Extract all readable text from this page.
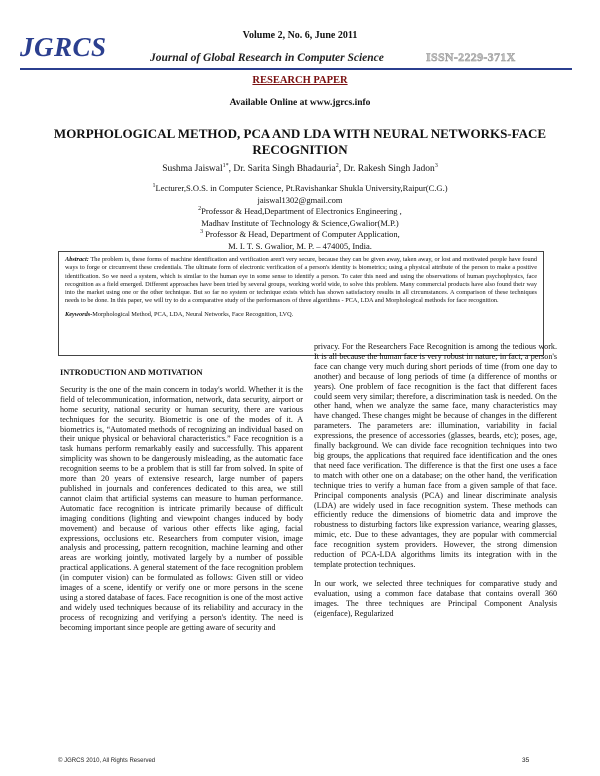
JGRCS	Volume 2, No. 6, June 2011
Journal of Global Research in Computer Science	ISSN-2229-371X
RESEARCH PAPER
Available Online at www.jgrcs.info
MORPHOLOGICAL METHOD, PCA AND LDA WITH NEURAL NETWORKS-FACE RECOGNITION
Sushma Jaiswal$^{1*}$, Dr. Sarita Singh Bhadauria$^2$, Dr. Rakesh Singh Jadon$^3$
$^1$Lecturer,S.O.S. in Computer Science, Pt.Ravishankar Shukla University,Raipur(C.G.)
jaiswal1302@gmail.com
$^2$Professor & Head,Department of Electronics Engineering ,
Madhav Institute of Technology & Science,Gwalior(M.P.)
$^3$ Professor & Head, Department of Computer Application,
M. I. T. S. Gwalior, M. P. – 474005, India.
Abstract: The problem is, these forms of machine identification and verification aren't very secure, because they can be given away, taken away, or lost and motivated people have found ways to forge or circumvent these credentials. The ultimate form of electronic verification of a person's identity is biometrics; using a physical attribute of the person to make a positive identification. So we need a system, which is similar to the human eye in some sense to identify a person. To cater this need and using the observations of human psychophysics, face recognition as a field emerged. Different approaches have been tried by several groups, working world wide, to solve this problem. Many commercial products have also found their way into the market using one or the other technique. But so far no system or technique exists which has shown satisfactory results in all circumstances. A comparison of these techniques needs to be done. In this paper, we will try to do a comparative study of the performances of three algorithms - PCA, LDA and Morphological methods for face recognition.
Keywords-Morphological Method, PCA, LDA, Neural Networks, Face Recognition, LVQ.
INTRODUCTION AND MOTIVATION

Security is the one of the main concern in today's world. Whether it is the field of telecommunication, information, network, data security, airport or home security, national security or human security, there are various techniques for the security. Biometric is one of the modes of it. A biometrics is, “Automated methods of recognizing an individual based on their unique physical or behavioral characteristics.” Face recognition is a task humans perform remarkably easily and successfully. This apparent simplicity was shown to be dangerously misleading, as the automatic face recognition seems to be a problem that is still far from solved. In spite of more than 20 years of extensive research, large number of papers published in journals and conferences dedicated to this area, we still cannot claim that artificial systems can measure to human performance. Automatic face recognition is intricate primarily because of difficult imaging conditions (lighting and viewpoint changes induced by body movement) and because of various other effects like aging, facial expressions, occlusions etc. Researchers from computer vision, image analysis and processing, pattern recognition, machine learning and other areas are working jointly, motivated largely by a number of possible practical applications. A general statement of the face recognition problem (in computer vision) can be formulated as follows: Given still or video images of a scene, identify or verify one or more persons in the scene using a stored database of faces. Face recognition is one of the most active and widely used techniques because of its reliability and accuracy in the process of recognizing and verifying a person's identity. The need is becoming important since people are getting aware of security and

privacy. For the Researchers Face Recognition is among the tedious work. It is all because the human face is very robust in nature; in fact, a person's face can change very much during short periods of time (from one day to another) and because of long periods of time (a difference of months or years). One problem of face recognition is the fact that different faces could seem very similar; therefore, a discrimination task is needed. On the other hand, when we analyze the same face, many characteristics may have changed. These changes might be because of changes in the different parameters. The parameters are: illumination, variability in facial expressions, the presence of accessories (glasses, beards, etc); poses, age, finally background. We can divide face recognition techniques into two big groups, the applications that required face identification and the ones that need face verification. The difference is that the first one uses a face to match with other one on a database; on the other hand, the verification technique tries to verify a human face from a given sample of that face. Principal components analysis (PCA) and linear discriminate analysis (LDA) are widely used in face recognition system. These methods can efficiently reduce the dimensions of biometric data and improve the robustness to disturbing factors like expression variance, wearing glasses, mimic, etc. Due to these advantages, they are popular with commercial face recognition system providers. However, the strong dimension reduction of PCA-LDA algorithms limits its integration with in the template protection techniques.

In our work, we selected three techniques for comparative study and evaluation, using a common face database that contains overall 360 images. The three techniques are Principal Component Analysis (eigenface), Regularized

© JGRCS 2010, All Rights Reserved	35
